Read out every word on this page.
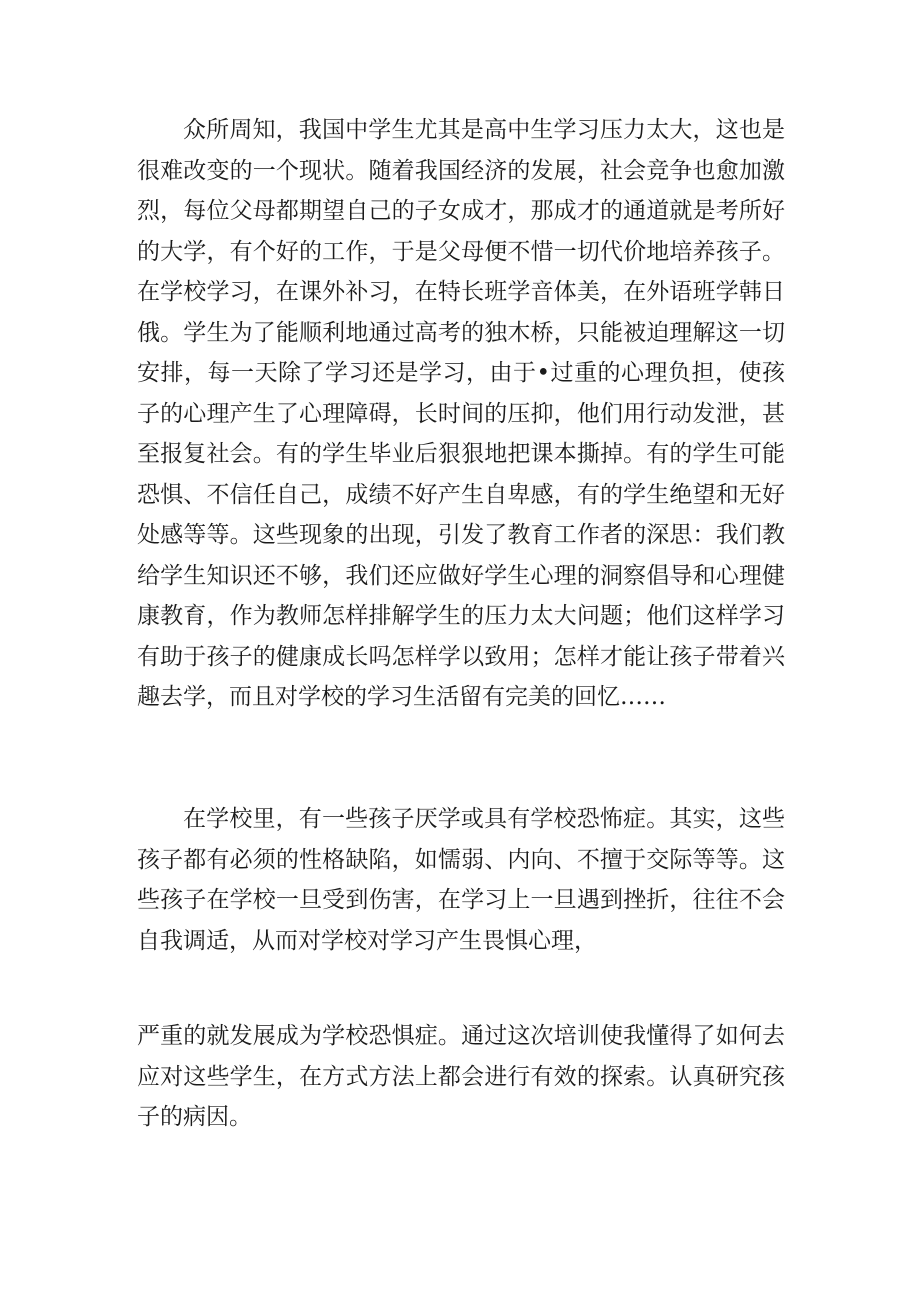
众所周知，我国中学生尤其是高中生学习压力太大，这也是很难改变的一个现状。随着我国经济的发展，社会竞争也愈加激烈，每位父母都期望自己的子女成才，那成才的通道就是考所好的大学，有个好的工作，于是父母便不惜一切代价地培养孩子。在学校学习，在课外补习，在特长班学音体美，在外语班学韩日俄。学生为了能顺利地通过高考的独木桥，只能被迫理解这一切安排，每一天除了学习还是学习，由于•过重的心理负担，使孩子的心理产生了心理障碍，长时间的压抑，他们用行动发泄，甚至报复社会。有的学生毕业后狠狠地把课本撕掉。有的学生可能恐惧、不信任自己，成绩不好产生自卑感，有的学生绝望和无好处感等等。这些现象的出现，引发了教育工作者的深思：我们教给学生知识还不够，我们还应做好学生心理的洞察倡导和心理健康教育，作为教师怎样排解学生的压力太大问题；他们这样学习有助于孩子的健康成长吗怎样学以致用；怎样才能让孩子带着兴趣去学，而且对学校的学习生活留有完美的回忆……

在学校里，有一些孩子厌学或具有学校恐怖症。其实，这些孩子都有必须的性格缺陷，如懦弱、内向、不擅于交际等等。这些孩子在学校一旦受到伤害，在学习上一旦遇到挫折，往往不会自我调适，从而对学校对学习产生畏惧心理，

严重的就发展成为学校恐惧症。通过这次培训使我懂得了如何去应对这些学生，在方式方法上都会进行有效的探索。认真研究孩子的病因。
